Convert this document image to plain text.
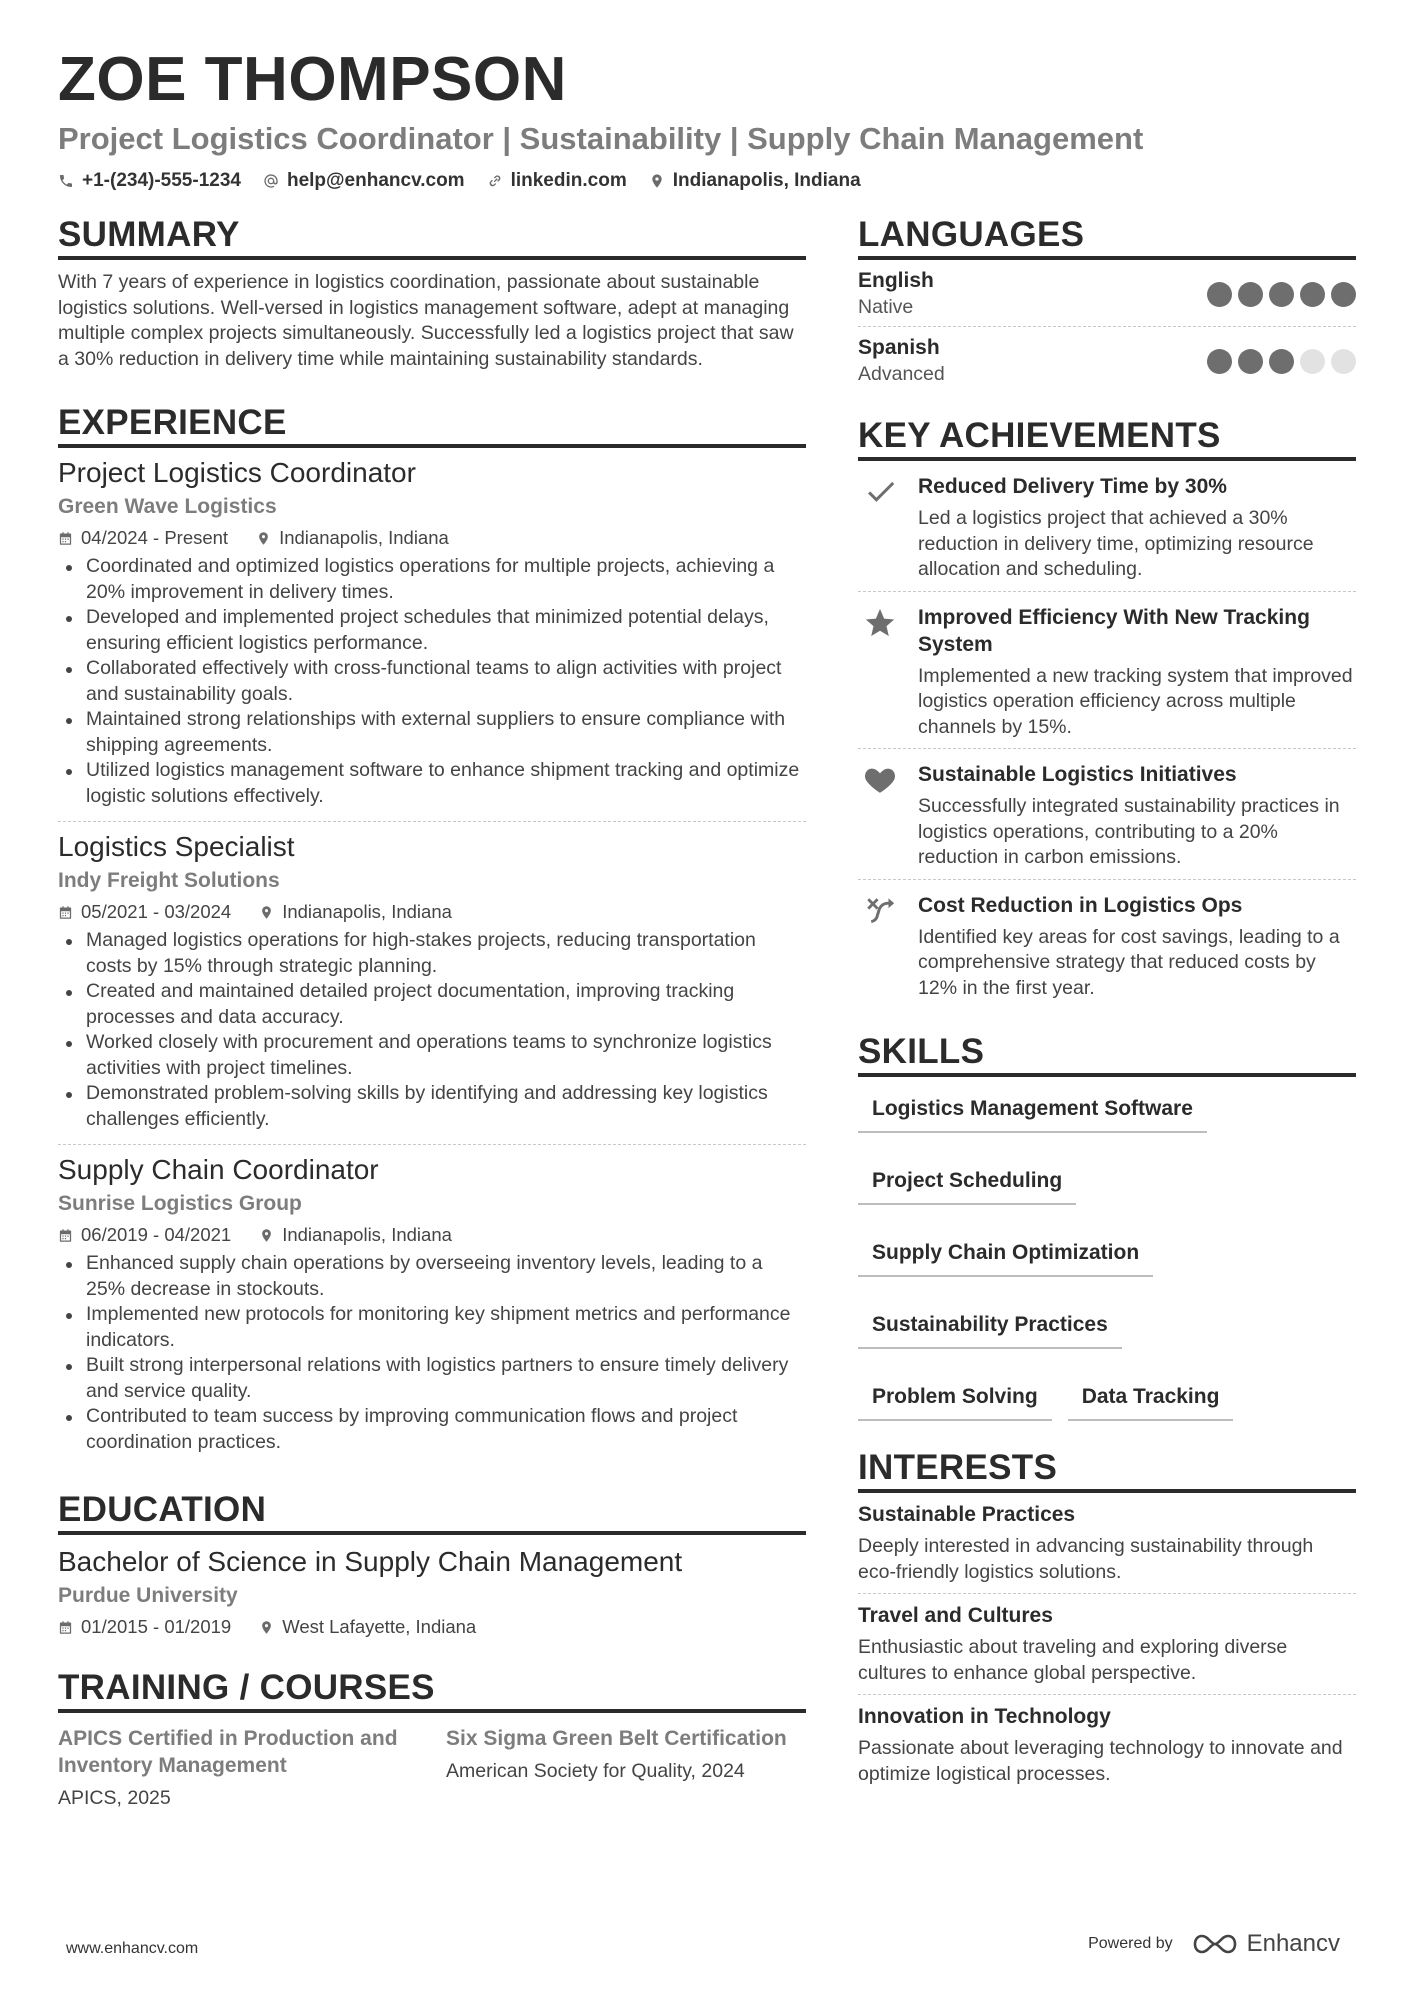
ZOE THOMPSON
Project Logistics Coordinator | Sustainability | Supply Chain Management
+1-(234)-555-1234 help@enhancv.com linkedin.com Indianapolis, Indiana
SUMMARY
With 7 years of experience in logistics coordination, passionate about sustainable logistics solutions. Well-versed in logistics management software, adept at managing multiple complex projects simultaneously. Successfully led a logistics project that saw a 30% reduction in delivery time while maintaining sustainability standards.
EXPERIENCE
Project Logistics Coordinator
Green Wave Logistics
04/2024 - Present	Indianapolis, Indiana
Coordinated and optimized logistics operations for multiple projects, achieving a 20% improvement in delivery times.
Developed and implemented project schedules that minimized potential delays, ensuring efficient logistics performance.
Collaborated effectively with cross-functional teams to align activities with project and sustainability goals.
Maintained strong relationships with external suppliers to ensure compliance with shipping agreements.
Utilized logistics management software to enhance shipment tracking and optimize logistic solutions effectively.
Logistics Specialist
Indy Freight Solutions
05/2021 - 03/2024	Indianapolis, Indiana
Managed logistics operations for high-stakes projects, reducing transportation costs by 15% through strategic planning.
Created and maintained detailed project documentation, improving tracking processes and data accuracy.
Worked closely with procurement and operations teams to synchronize logistics activities with project timelines.
Demonstrated problem-solving skills by identifying and addressing key logistics challenges efficiently.
Supply Chain Coordinator
Sunrise Logistics Group
06/2019 - 04/2021	Indianapolis, Indiana
Enhanced supply chain operations by overseeing inventory levels, leading to a 25% decrease in stockouts.
Implemented new protocols for monitoring key shipment metrics and performance indicators.
Built strong interpersonal relations with logistics partners to ensure timely delivery and service quality.
Contributed to team success by improving communication flows and project coordination practices.
EDUCATION
Bachelor of Science in Supply Chain Management
Purdue University
01/2015 - 01/2019	West Lafayette, Indiana
TRAINING / COURSES
APICS Certified in Production and Inventory Management
APICS, 2025
Six Sigma Green Belt Certification
American Society for Quality, 2024
LANGUAGES
English
Native
Spanish
Advanced
KEY ACHIEVEMENTS
Reduced Delivery Time by 30%
Led a logistics project that achieved a 30% reduction in delivery time, optimizing resource allocation and scheduling.
Improved Efficiency With New Tracking System
Implemented a new tracking system that improved logistics operation efficiency across multiple channels by 15%.
Sustainable Logistics Initiatives
Successfully integrated sustainability practices in logistics operations, contributing to a 20% reduction in carbon emissions.
Cost Reduction in Logistics Ops
Identified key areas for cost savings, leading to a comprehensive strategy that reduced costs by 12% in the first year.
SKILLS
Logistics Management Software
Project Scheduling
Supply Chain Optimization
Sustainability Practices
Problem Solving	Data Tracking
INTERESTS
Sustainable Practices
Deeply interested in advancing sustainability through eco-friendly logistics solutions.
Travel and Cultures
Enthusiastic about traveling and exploring diverse cultures to enhance global perspective.
Innovation in Technology
Passionate about leveraging technology to innovate and optimize logistical processes.
www.enhancv.com	Powered by	Enhancv
